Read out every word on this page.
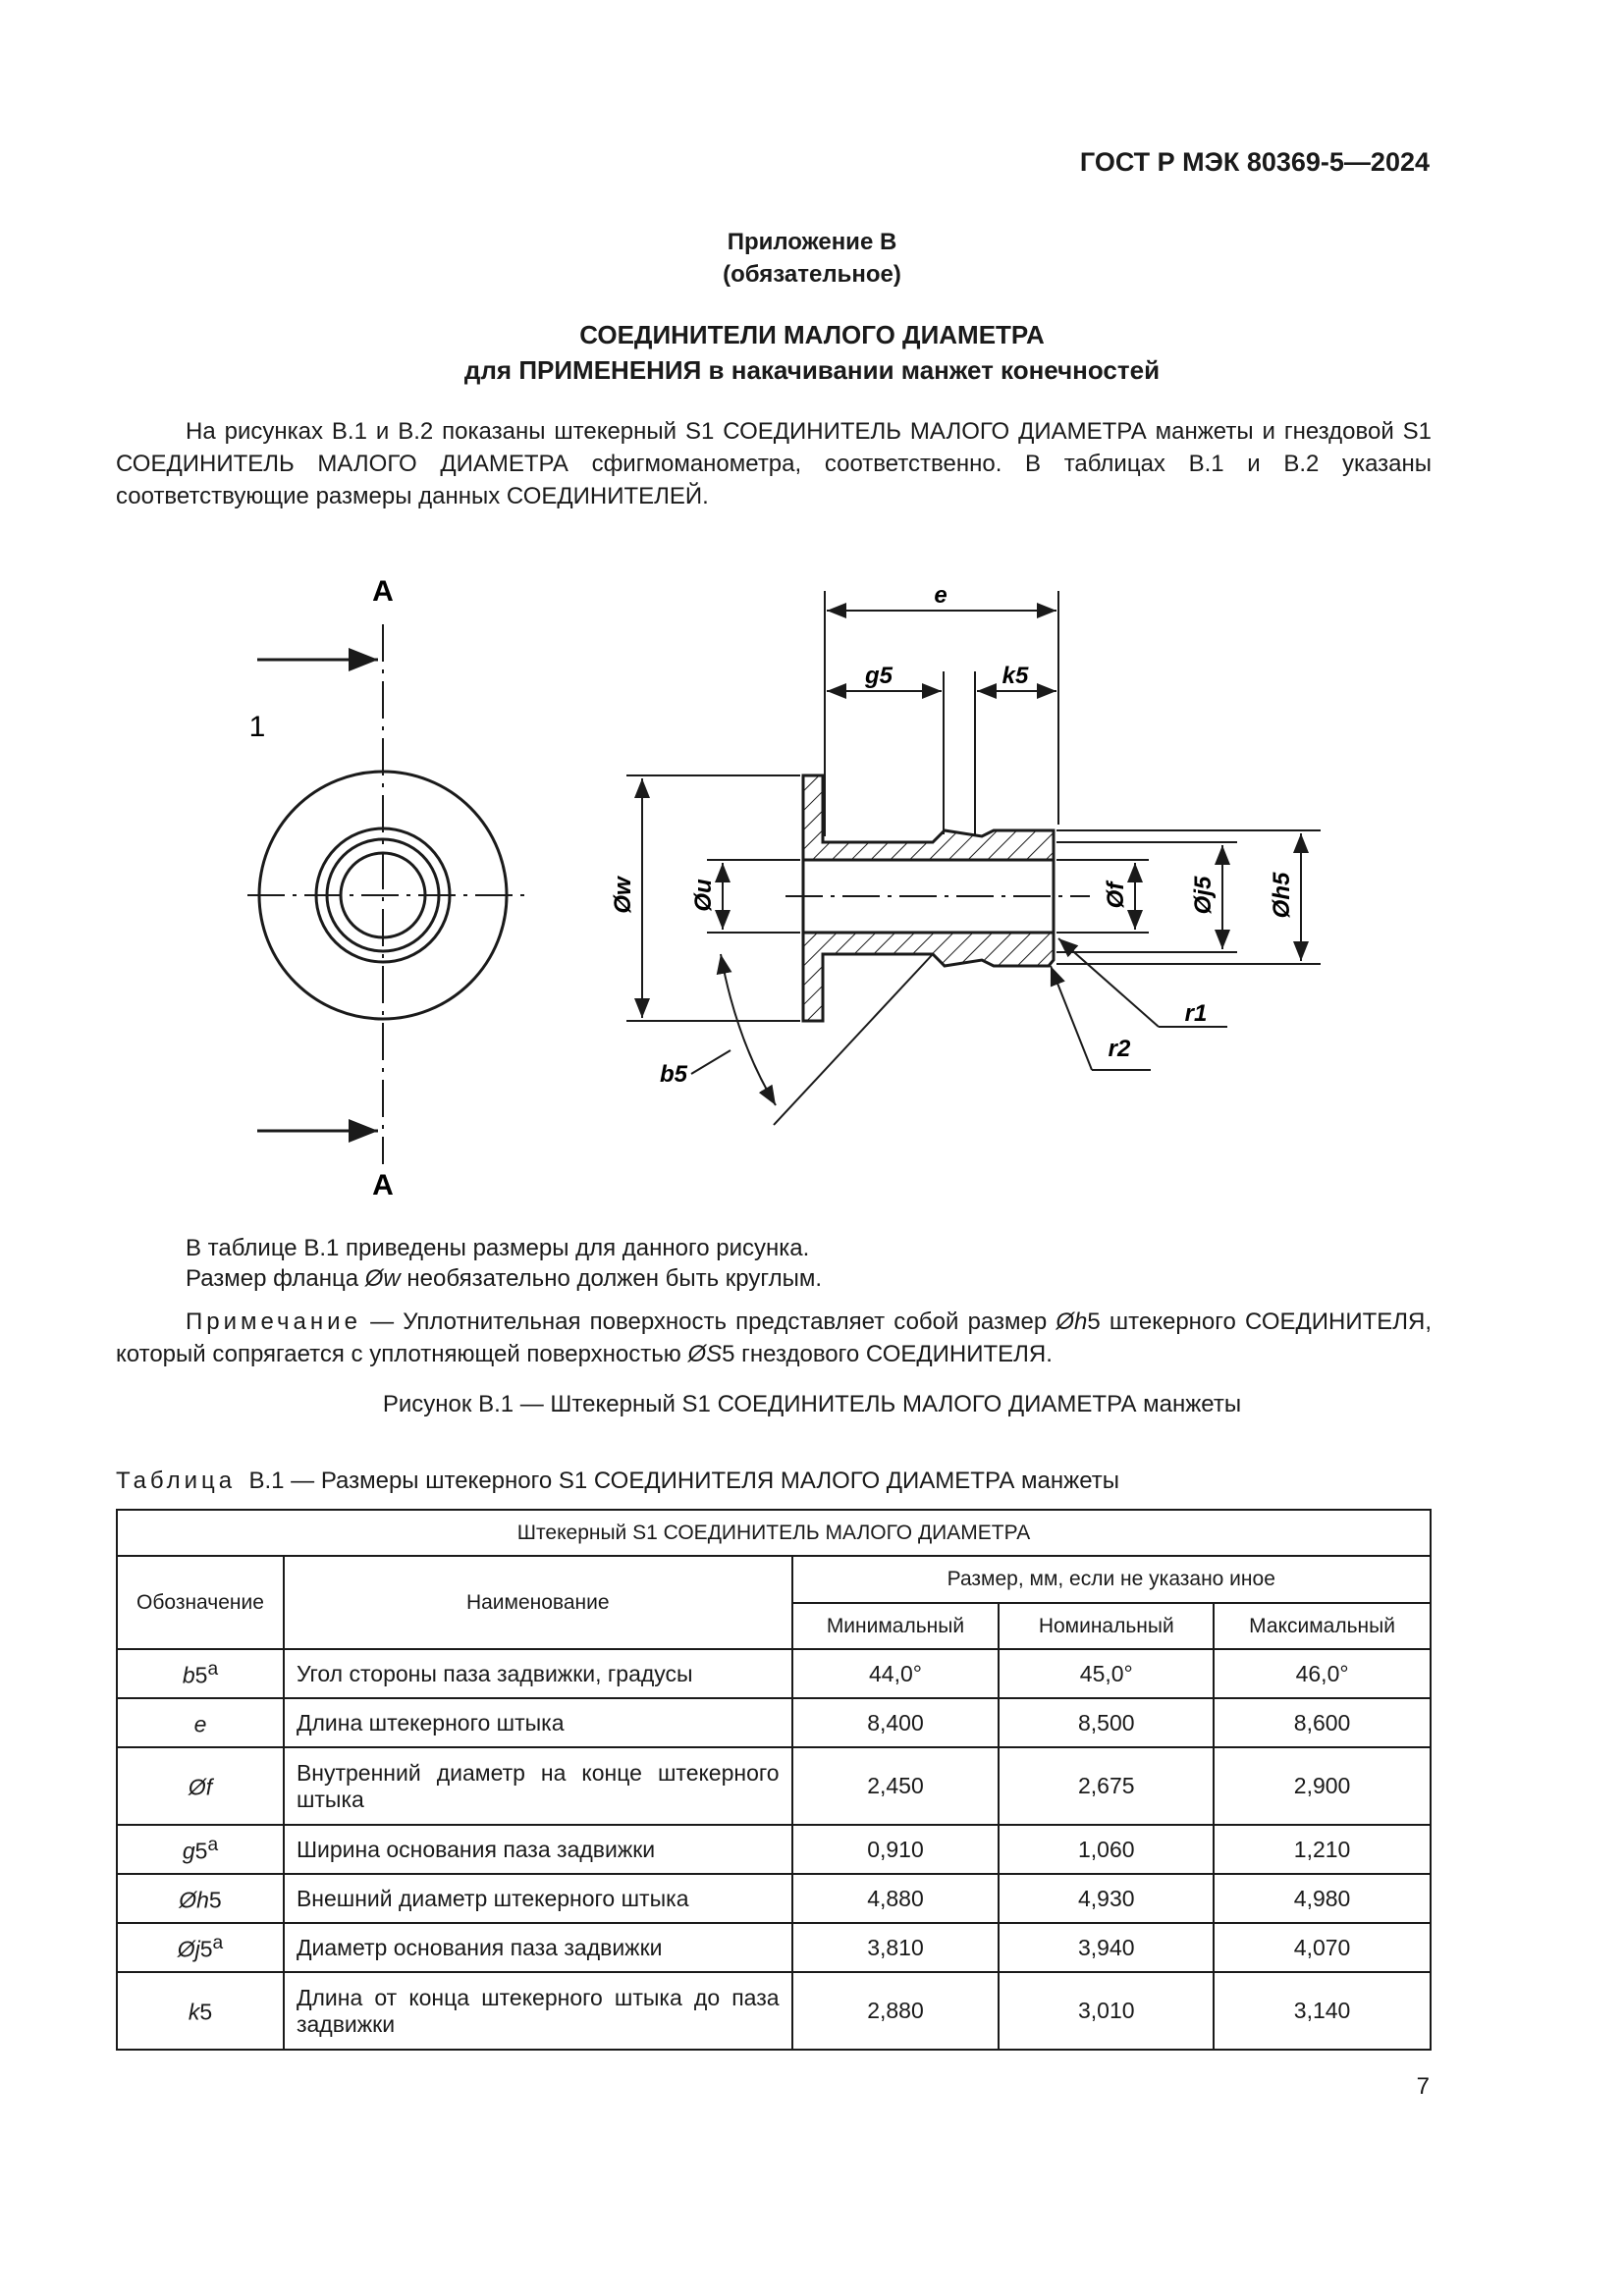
ГОСТ Р МЭК 80369-5—2024
Приложение В
(обязательное)
СОЕДИНИТЕЛИ МАЛОГО ДИАМЕТРА
для ПРИМЕНЕНИЯ в накачивании манжет конечностей
На рисунках В.1 и В.2 показаны штекерный S1 СОЕДИНИТЕЛЬ МАЛОГО ДИАМЕТРА манжеты и гнездовой S1 СОЕДИНИТЕЛЬ МАЛОГО ДИАМЕТРА сфигмоманометра, соответственно. В таблицах В.1 и В.2 указаны соответствующие размеры данных СОЕДИНИТЕЛЕЙ.
A
A
1
e
g5	k5
Øw Øu	Øf	Øj5 Øh5
r1
r2
b5
В таблице В.1 приведены размеры для данного рисунка.
Размер фланца Øw необязательно должен быть круглым.
Примечание — Уплотнительная поверхность представляет собой размер Øh5 штекерного СОЕДИНИТЕЛЯ, который сопрягается с уплотняющей поверхностью ØS5 гнездового СОЕДИНИТЕЛЯ.
Рисунок В.1 — Штекерный S1 СОЕДИНИТЕЛЬ МАЛОГО ДИАМЕТРА манжеты
Таблица В.1 — Размеры штекерного S1 СОЕДИНИТЕЛЯ МАЛОГО ДИАМЕТРА манжеты
Штекерный S1 СОЕДИНИТЕЛЬ МАЛОГО ДИАМЕТРА				
Обозначение	Наименование	Размер, мм, если не указано иное		
		Минимальный	Номинальный	Максимальный
b5$^a$	Угол стороны паза задвижки, градусы	44,0°	45,0°	46,0°
e	Длина штекерного штыка	8,400	8,500	8,600
Øf	Внутренний диаметр на конце штекерного штыка	2,450	2,675	2,900
g5$^a$	Ширина основания паза задвижки	0,910	1,060	1,210
Øh5	Внешний диаметр штекерного штыка	4,880	4,930	4,980
Øj5$^a$	Диаметр основания паза задвижки	3,810	3,940	4,070
k5	Длина от конца штекерного штыка до паза задвижки	2,880	3,010	3,140
7
